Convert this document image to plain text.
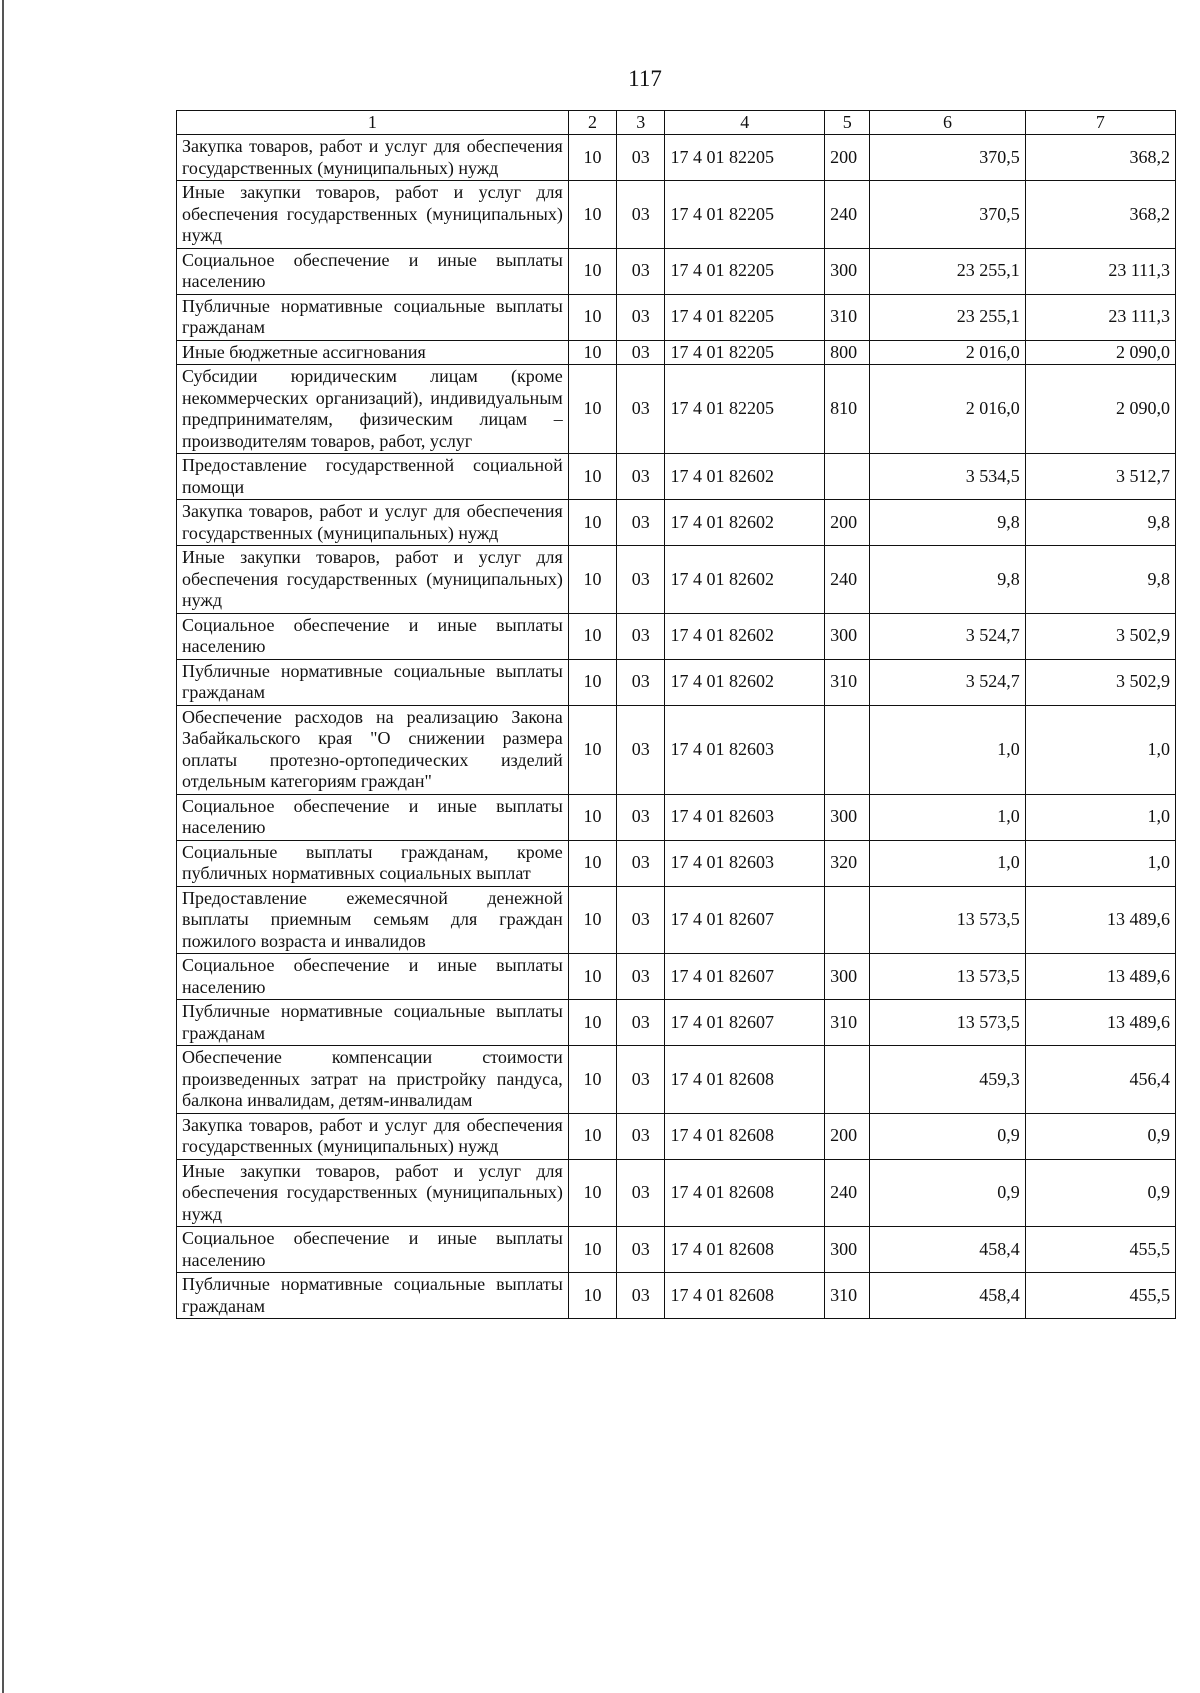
117
1	2	3	4	5	6	7
Закупка товаров, работ и услуг для обеспечения государственных (муниципальных) нужд	10	03	17 4 01 82205	200	370,5	368,2
Иные закупки товаров, работ и услуг для обеспечения государственных (муниципальных) нужд	10	03	17 4 01 82205	240	370,5	368,2
Социальное обеспечение и иные выплаты населению	10	03	17 4 01 82205	300	23 255,1	23 111,3
Публичные нормативные социальные выплаты гражданам	10	03	17 4 01 82205	310	23 255,1	23 111,3
Иные бюджетные ассигнования	10	03	17 4 01 82205	800	2 016,0	2 090,0
Субсидии юридическим лицам (кроме некоммерческих организаций), индивидуальным предпринимателям, физическим лицам – производителям товаров, работ, услуг	10	03	17 4 01 82205	810	2 016,0	2 090,0
Предоставление государственной социальной помощи	10	03	17 4 01 82602		3 534,5	3 512,7
Закупка товаров, работ и услуг для обеспечения государственных (муниципальных) нужд	10	03	17 4 01 82602	200	9,8	9,8
Иные закупки товаров, работ и услуг для обеспечения государственных (муниципальных) нужд	10	03	17 4 01 82602	240	9,8	9,8
Социальное обеспечение и иные выплаты населению	10	03	17 4 01 82602	300	3 524,7	3 502,9
Публичные нормативные социальные выплаты гражданам	10	03	17 4 01 82602	310	3 524,7	3 502,9
Обеспечение расходов на реализацию Закона Забайкальского края "О снижении размера оплаты протезно-ортопедических изделий отдельным категориям граждан"	10	03	17 4 01 82603		1,0	1,0
Социальное обеспечение и иные выплаты населению	10	03	17 4 01 82603	300	1,0	1,0
Социальные выплаты гражданам, кроме публичных нормативных социальных выплат	10	03	17 4 01 82603	320	1,0	1,0
Предоставление ежемесячной денежной выплаты приемным семьям для граждан пожилого возраста и инвалидов	10	03	17 4 01 82607		13 573,5	13 489,6
Социальное обеспечение и иные выплаты населению	10	03	17 4 01 82607	300	13 573,5	13 489,6
Публичные нормативные социальные выплаты гражданам	10	03	17 4 01 82607	310	13 573,5	13 489,6
Обеспечение компенсации стоимости произведенных затрат на пристройку пандуса, балкона инвалидам, детям-инвалидам	10	03	17 4 01 82608		459,3	456,4
Закупка товаров, работ и услуг для обеспечения государственных (муниципальных) нужд	10	03	17 4 01 82608	200	0,9	0,9
Иные закупки товаров, работ и услуг для обеспечения государственных (муниципальных) нужд	10	03	17 4 01 82608	240	0,9	0,9
Социальное обеспечение и иные выплаты населению	10	03	17 4 01 82608	300	458,4	455,5
Публичные нормативные социальные выплаты гражданам	10	03	17 4 01 82608	310	458,4	455,5
